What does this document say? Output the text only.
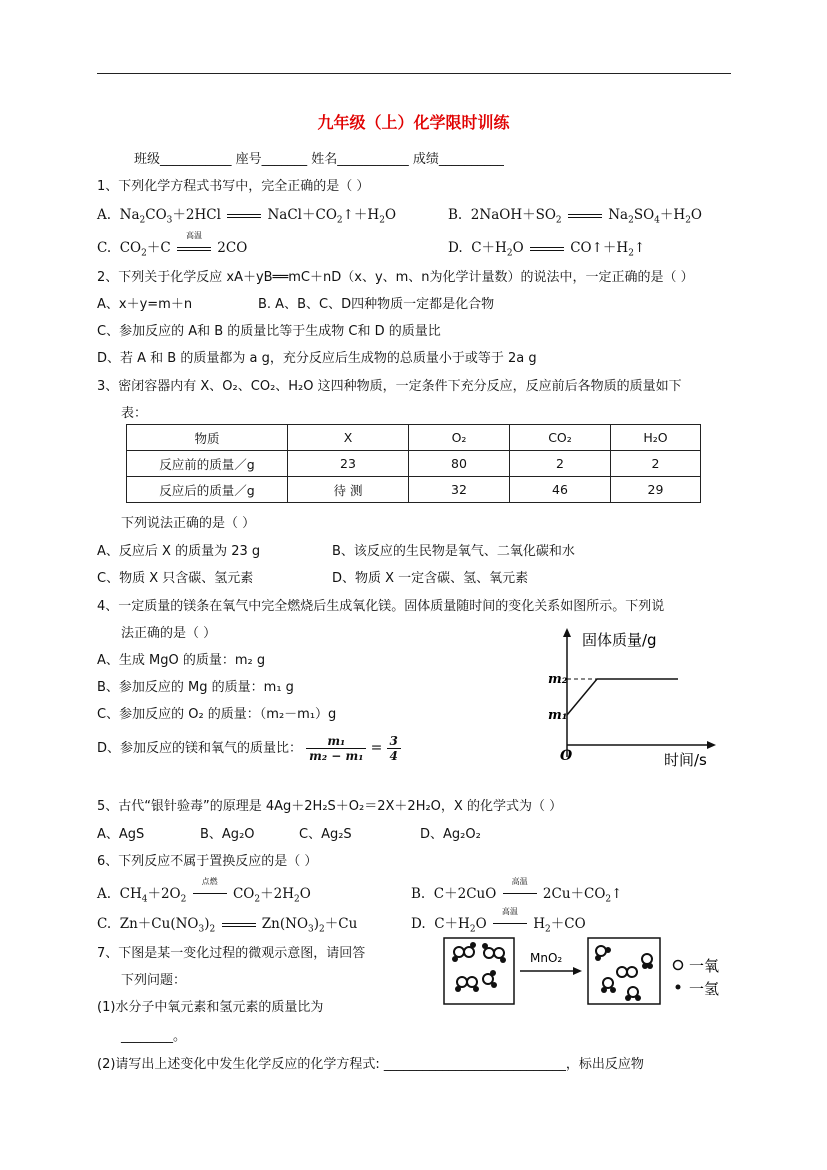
九年级（上）化学限时训练
班级___________ 座号_______ 姓名___________ 成绩__________
1、下列化学方程式书写中，完全正确的是（ ）
A.  $Na_2CO_3+2HCl$	$NaCl+CO_2↑+H_2O$	B.  $2NaOH+SO_2$	$Na_2SO_4+H_2O$
C.  $CO_2+C$
高温
2CO	D.  $C+H_2O$	$CO↑+H_2↑$
2、下列关于化学反应 xA＋yB══mC＋nD（x、y、m、n为化学计量数）的说法中，一定正确的是（ ）
A、x＋y=m＋n	B. A、B、C、D四种物质一定都是化合物
C、参加反应的 A和 B 的质量比等于生成物 C和 D 的质量比
D、若 A 和 B 的质量都为 a g，充分反应后生成物的总质量小于或等于 2a g
3、密闭容器内有 X、O₂、CO₂、H₂O 这四种物质，一定条件下充分反应，反应前后各物质的质量如下
表：
物质	X	O₂	CO₂	H₂O
反应前的质量／g	23	80	2	2
反应后的质量／g	待 测	32	46	29
下列说法正确的是（ ）
A、反应后 X 的质量为 23 g	B、该反应的生民物是氧气、二氧化碳和水
C、物质 X 只含碳、氢元素	D、物质 X 一定含碳、氢、氧元素
4、一定质量的镁条在氧气中完全燃烧后生成氧化镁。固体质量随时间的变化关系如图所示。下列说
法正确的是（ ）
A、生成 MgO 的质量：m₂ g
B、参加反应的 Mg 的质量：m₁ g
C、参加反应的 O₂ 的质量：（m₂－m₁）g
D、参加反应的镁和氧气的质量比： $\frac{\text{m₁}}{\text{m₂ − m₁}} = \frac{3}{4}$
固体质量/g
时间/s
O
m₂
m₁
5、古代“银针验毒”的原理是 4Ag＋2H₂S＋O₂＝2X＋2H₂O，X 的化学式为（ ）
A、AgS	B、Ag₂O	C、Ag₂S	D、Ag₂O₂
6、下列反应不属于置换反应的是（ ）
A.  $CH_4+2O_2$
点燃
$CO_2+2H_2O$	B.  C＋2CuO
高温
$2Cu+CO_2↑$
C.  $Zn+Cu(NO_3)_2$	$Zn(NO_3)_2+Cu$	D.  $C+H_2O$
高温
$H_2+CO$
7、下图是某一变化过程的微观示意图，请回答
下列问题：
(1)水分子中氧元素和氢元素的质量比为
________。
(2)请写出上述变化中发生化学反应的化学方程式: ____________________________，标出反应物
MnO₂	一氧
一氢
